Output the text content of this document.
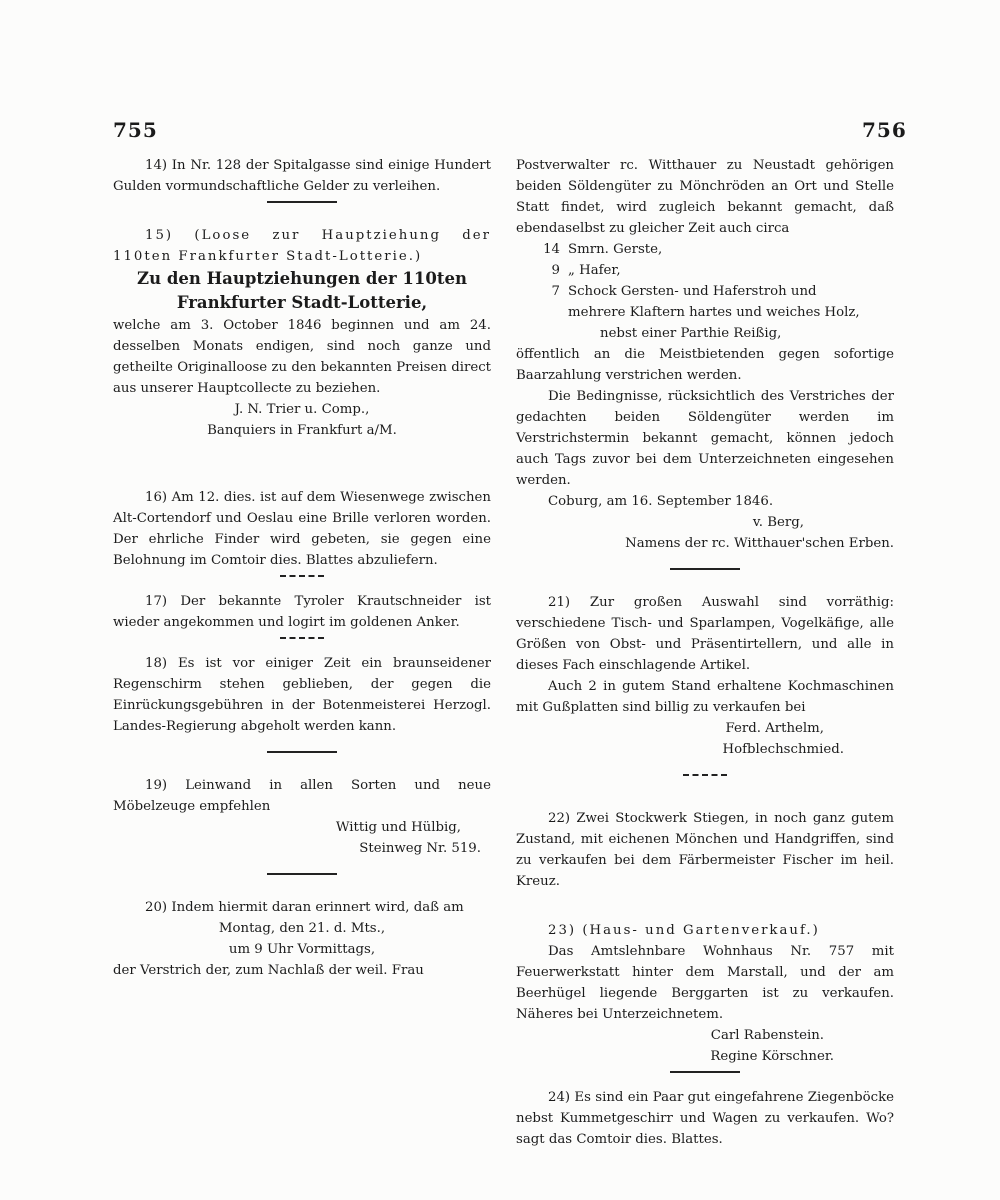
755	756

14) In Nr. 128 der Spitalgasse sind einige Hundert Gulden vormundschaftliche Gelder zu verleihen.

15) (Loose zur Hauptziehung der 110ten Frankfurter Stadt-Lotterie.)

Zu den Hauptziehungen der 110ten Frankfurter Stadt-Lotterie,

welche am 3. October 1846 beginnen und am 24. desselben Monats endigen, sind noch ganze und getheilte Originalloose zu den bekannten Preisen direct aus unserer Hauptcollecte zu beziehen.

J. N. Trier u. Comp.,

Banquiers in Frankfurt a/M.

16) Am 12. dies. ist auf dem Wiesenwege zwischen Alt-Cortendorf und Oeslau eine Brille verloren worden. Der ehrliche Finder wird gebeten, sie gegen eine Belohnung im Comtoir dies. Blattes abzuliefern.

17) Der bekannte Tyroler Krautschneider ist wieder angekommen und logirt im goldenen Anker.

18) Es ist vor einiger Zeit ein braunseidener Regenschirm stehen geblieben, der gegen die Einrückungsgebühren in der Botenmeisterei Herzogl. Landes-Regierung abgeholt werden kann.

19) Leinwand in allen Sorten und neue Möbelzeuge empfehlen

Wittig und Hülbig,

Steinweg Nr. 519.

20) Indem hiermit daran erinnert wird, daß am

Montag, den 21. d. Mts.,

um 9 Uhr Vormittags,

der Verstrich der, zum Nachlaß der weil. Frau

Postverwalter rc. Witthauer zu Neustadt gehörigen beiden Söldengüter zu Mönchröden an Ort und Stelle Statt findet, wird zugleich bekannt gemacht, daß ebendaselbst zu gleicher Zeit auch circa

14 Smrn. Gerste,
9 „ Hafer,
7 Schock Gersten- und Haferstroh und

mehrere Klaftern hartes und weiches Holz,

nebst einer Parthie Reißig,

öffentlich an die Meistbietenden gegen sofortige Baarzahlung verstrichen werden.

Die Bedingnisse, rücksichtlich des Verstriches der gedachten beiden Söldengüter werden im Verstrichstermin bekannt gemacht, können jedoch auch Tags zuvor bei dem Unterzeichneten eingesehen werden.

Coburg, am 16. September 1846.

v. Berg,

Namens der rc. Witthauer'schen Erben.

21) Zur großen Auswahl sind vorräthig: verschiedene Tisch- und Sparlampen, Vogelkäfige, alle Größen von Obst- und Präsentirtellern, und alle in dieses Fach einschlagende Artikel.

Auch 2 in gutem Stand erhaltene Kochmaschinen mit Gußplatten sind billig zu verkaufen bei

Ferd. Arthelm,

Hofblechschmied.

22) Zwei Stockwerk Stiegen, in noch ganz gutem Zustand, mit eichenen Mönchen und Handgriffen, sind zu verkaufen bei dem Färbermeister Fischer im heil. Kreuz.

23) (Haus- und Gartenverkauf.)

Das Amtslehnbare Wohnhaus Nr. 757 mit Feuerwerkstatt hinter dem Marstall, und der am Beerhügel liegende Berggarten ist zu verkaufen. Näheres bei Unterzeichnetem.

Carl Rabenstein.

Regine Körschner.

24) Es sind ein Paar gut eingefahrene Ziegenböcke nebst Kummetgeschirr und Wagen zu verkaufen. Wo? sagt das Comtoir dies. Blattes.
